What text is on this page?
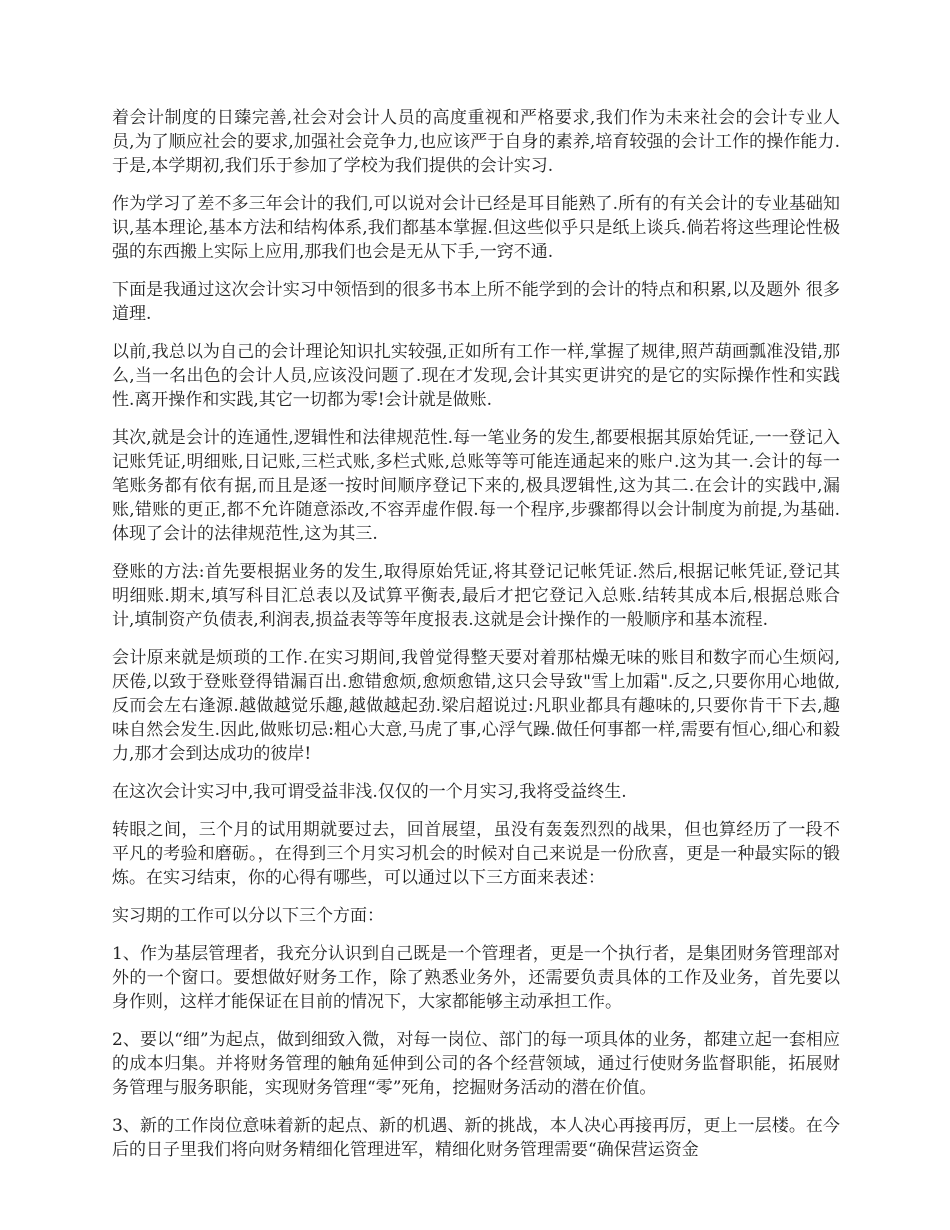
着会计制度的日臻完善,社会对会计人员的高度重视和严格要求,我们作为未来社会的会计专业人员,为了顺应社会的要求,加强社会竞争力,也应该严于自身的素养,培育较强的会计工作的操作能力.于是,本学期初,我们乐于参加了学校为我们提供的会计实习.

作为学习了差不多三年会计的我们,可以说对会计已经是耳目能熟了.所有的有关会计的专业基础知识,基本理论,基本方法和结构体系,我们都基本掌握.但这些似乎只是纸上谈兵.倘若将这些理论性极强的东西搬上实际上应用,那我们也会是无从下手,一窍不通.

下面是我通过这次会计实习中领悟到的很多书本上所不能学到的会计的特点和积累,以及题外 很多道理.

以前,我总以为自己的会计理论知识扎实较强,正如所有工作一样,掌握了规律,照芦葫画瓢准没错,那么,当一名出色的会计人员,应该没问题了.现在才发现,会计其实更讲究的是它的实际操作性和实践性.离开操作和实践,其它一切都为零!会计就是做账.

其次,就是会计的连通性,逻辑性和法律规范性.每一笔业务的发生,都要根据其原始凭证,一一登记入记账凭证,明细账,日记账,三栏式账,多栏式账,总账等等可能连通起来的账户.这为其一.会计的每一笔账务都有依有据,而且是逐一按时间顺序登记下来的,极具逻辑性,这为其二.在会计的实践中,漏账,错账的更正,都不允许随意添改,不容弄虚作假.每一个程序,步骤都得以会计制度为前提,为基础.体现了会计的法律规范性,这为其三.

登账的方法:首先要根据业务的发生,取得原始凭证,将其登记记帐凭证.然后,根据记帐凭证,登记其明细账.期末,填写科目汇总表以及试算平衡表,最后才把它登记入总账.结转其成本后,根据总账合计,填制资产负债表,利润表,损益表等等年度报表.这就是会计操作的一般顺序和基本流程.

会计原来就是烦琐的工作.在实习期间,我曾觉得整天要对着那枯燥无味的账目和数字而心生烦闷,厌倦,以致于登账登得错漏百出.愈错愈烦,愈烦愈错,这只会导致"雪上加霜".反之,只要你用心地做,反而会左右逢源.越做越觉乐趣,越做越起劲.梁启超说过:凡职业都具有趣味的,只要你肯干下去,趣味自然会发生.因此,做账切忌:粗心大意,马虎了事,心浮气躁.做任何事都一样,需要有恒心,细心和毅力,那才会到达成功的彼岸!

在这次会计实习中,我可谓受益非浅.仅仅的一个月实习,我将受益终生.

转眼之间，三个月的试用期就要过去，回首展望，虽没有轰轰烈烈的战果，但也算经历了一段不平凡的考验和磨砺。，在得到三个月实习机会的时候对自己来说是一份欣喜，更是一种最实际的锻炼。在实习结束，你的心得有哪些，可以通过以下三方面来表述：

实习期的工作可以分以下三个方面：

1、作为基层管理者，我充分认识到自己既是一个管理者，更是一个执行者，是集团财务管理部对外的一个窗口。要想做好财务工作，除了熟悉业务外，还需要负责具体的工作及业务，首先要以身作则，这样才能保证在目前的情况下，大家都能够主动承担工作。

2、要以“细”为起点，做到细致入微，对每一岗位、部门的每一项具体的业务，都建立起一套相应的成本归集。并将财务管理的触角延伸到公司的各个经营领域，通过行使财务监督职能，拓展财务管理与服务职能，实现财务管理“零”死角，挖掘财务活动的潜在价值。

3、新的工作岗位意味着新的起点、新的机遇、新的挑战，本人决心再接再厉，更上一层楼。在今后的日子里我们将向财务精细化管理进军，精细化财务管理需要“确保营运资金
